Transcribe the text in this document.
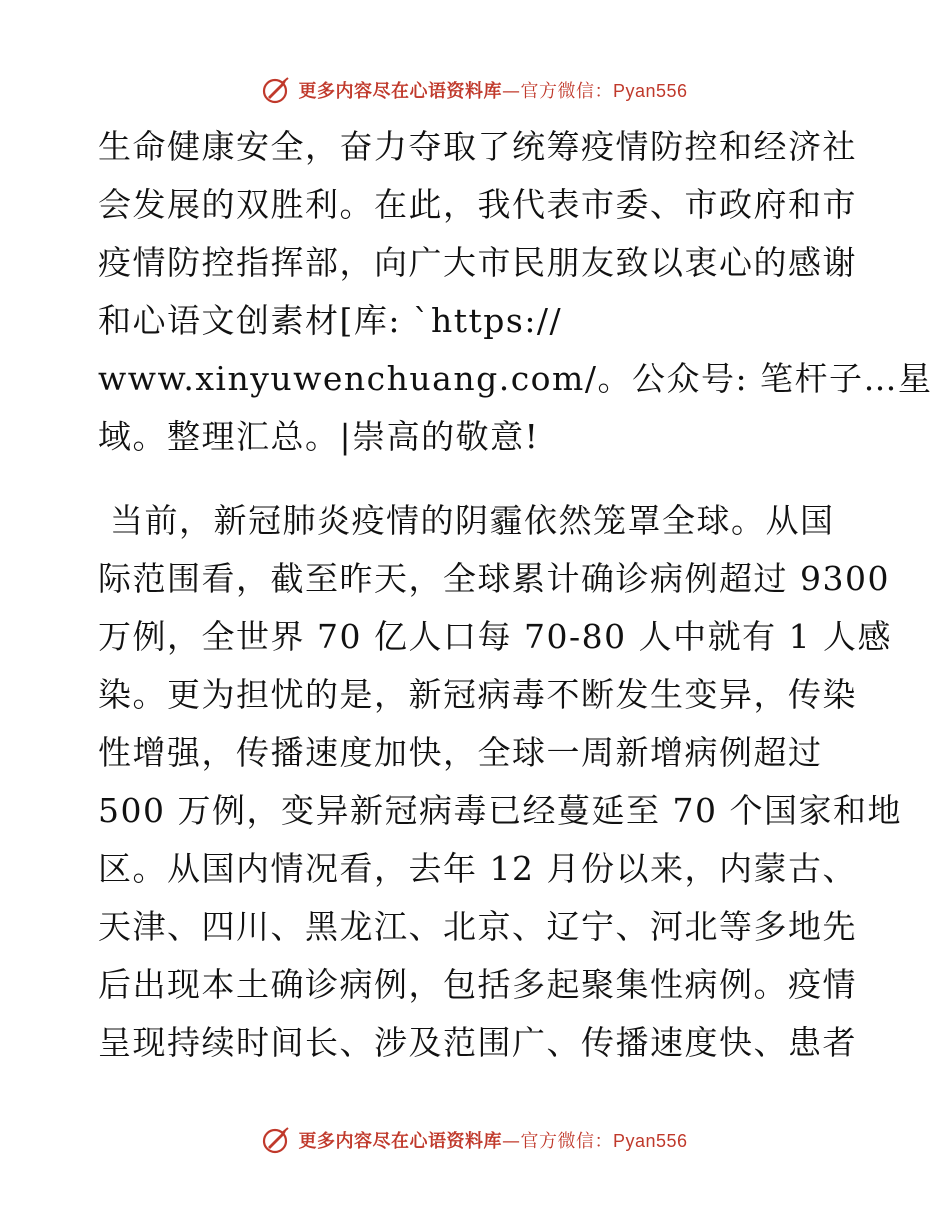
更多内容尽在心语资料库—官方微信：Pyan556
生命健康安全，奋力夺取了统筹疫情防控和经济社
会发展的双胜利。在此，我代表市委、市政府和市
疫情防控指挥部，向广大市民朋友致以衷心的感谢
和心语文创素材[库: `https://
www.xinyuwenchuang.com/。公众号: 笔杆子…星
域。整理汇总。|崇高的敬意!
当前，新冠肺炎疫情的阴霾依然笼罩全球。从国
际范围看，截至昨天，全球累计确诊病例超过 9300
万例，全世界 70 亿人口每 70-80 人中就有 1 人感
染。更为担忧的是，新冠病毒不断发生变异，传染
性增强，传播速度加快，全球一周新增病例超过
500 万例，变异新冠病毒已经蔓延至 70 个国家和地
区。从国内情况看，去年 12 月份以来，内蒙古、
天津、四川、黑龙江、北京、辽宁、河北等多地先
后出现本土确诊病例，包括多起聚集性病例。疫情
呈现持续时间长、涉及范围广、传播速度快、患者
更多内容尽在心语资料库—官方微信：Pyan556
